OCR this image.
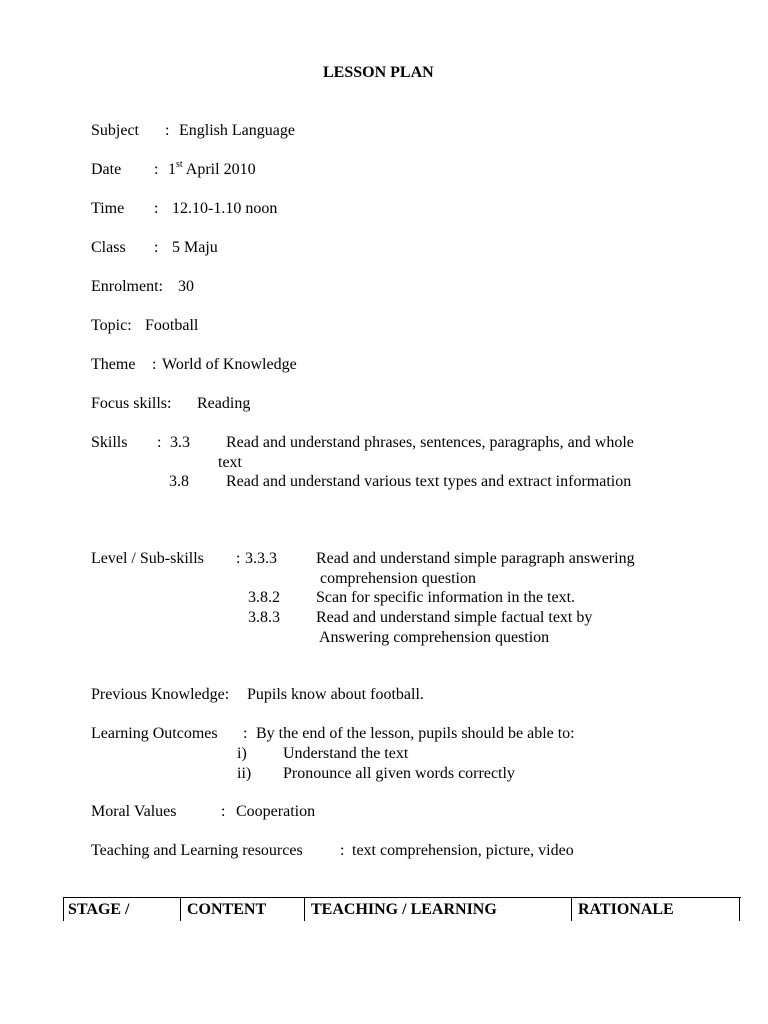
LESSON PLAN
Subject : English Language
Date : 1st April 2010
Time : 12.10-1.10 noon
Class : 5 Maju
Enrolment: 30
Topic: Football
Theme : World of Knowledge
Focus skills: Reading
Skills : 3.3 Read and understand phrases, sentences, paragraphs, and whole
text
3.8 Read and understand various text types and extract information
Level / Sub-skills : 3.3.3 Read and understand simple paragraph answering
comprehension question
3.8.2 Scan for specific information in the text.
3.8.3 Read and understand simple factual text by
Answering comprehension question
Previous Knowledge: Pupils know about football.
Learning Outcomes : By the end of the lesson, pupils should be able to:
i) Understand the text
ii) Pronounce all given words correctly
Moral Values	: Cooperation
Teaching and Learning resources : text comprehension, picture, video
STAGE /	CONTENT	TEACHING / LEARNING	RATIONALE
